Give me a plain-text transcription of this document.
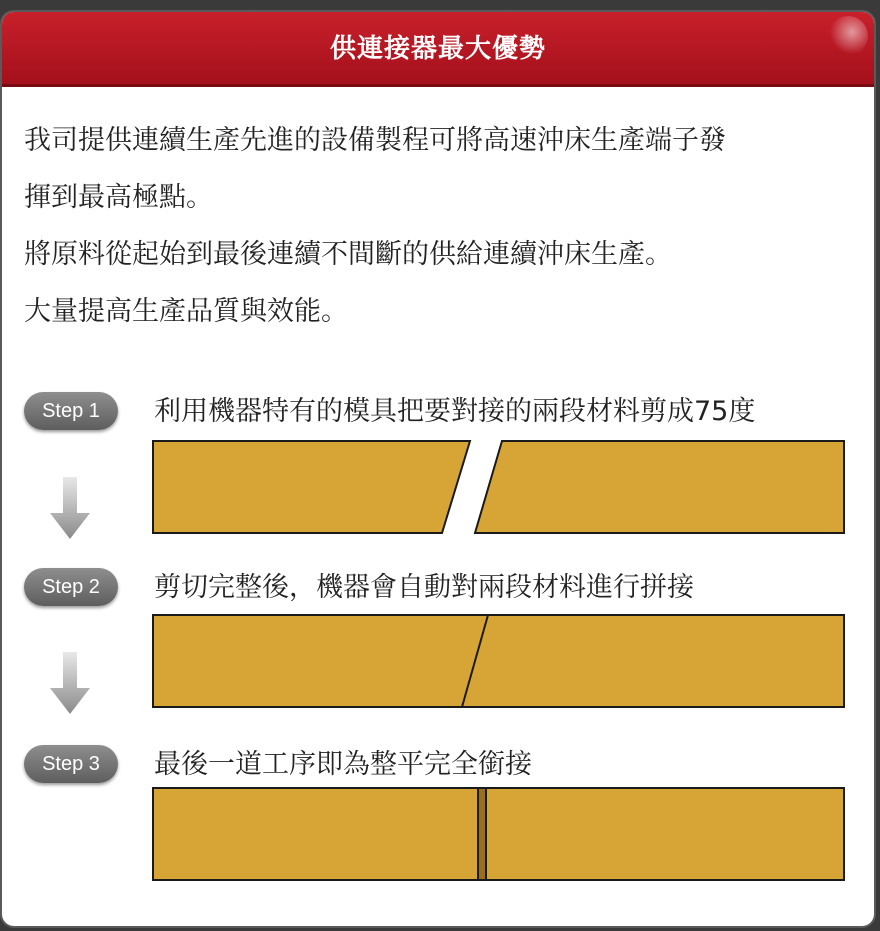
供連接器最大優勢

我司提供連續生產先進的設備製程可將高速沖床生產端子發

揮到最高極點。

將原料從起始到最後連續不間斷的供給連續沖床生產。

大量提高生產品質與效能。

Step 1	利用機器特有的模具把要對接的兩段材料剪成75度
Step 2	剪切完整後，機器會自動對兩段材料進行拼接
Step 3	最後一道工序即為整平完全銜接
